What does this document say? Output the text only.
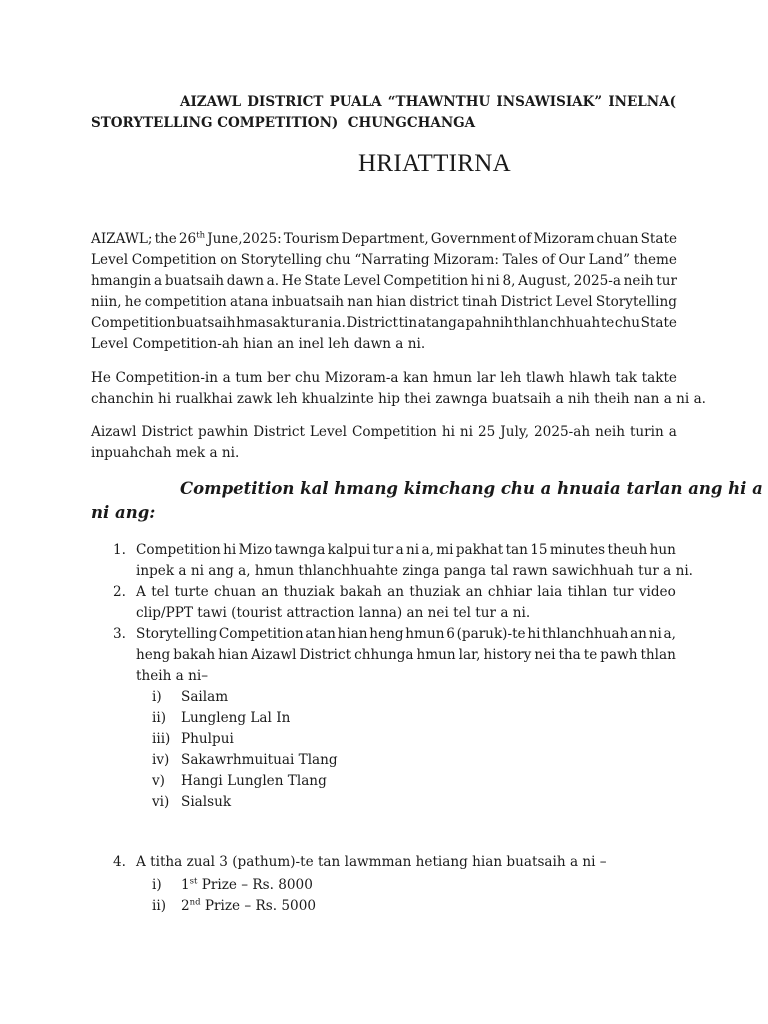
AIZAWL DISTRICT PUALA “THAWNTHU INSAWISIAK” INELNA(
STORYTELLING COMPETITION)  CHUNGCHANGA
HRIATTIRNA
AIZAWL; the 26th June,2025: Tourism Department, Government of Mizoram chuan State
Level Competition on Storytelling chu “Narrating Mizoram: Tales of Our Land” theme
hmangin a buatsaih dawn a. He State Level Competition hi ni 8, August, 2025-a neih tur
niin, he competition atana inbuatsaih nan hian district tinah District Level Storytelling
Competition buatsaih hmasak tur a ni a. District tin atanga pahnih thlan chhuah te chu State
Level Competition-ah hian an inel leh dawn a ni.
He Competition-in a tum ber chu Mizoram-a kan hmun lar leh tlawh hlawh tak takte
chanchin hi rualkhai zawk leh khualzinte hip thei zawnga buatsaih a nih theih nan a ni a.
Aizawl District pawhin District Level Competition hi ni 25 July, 2025-ah neih turin a
inpuahchah mek a ni.
Competition kal hmang kimchang chu a hnuaia tarlan ang hi a
ni ang:
1. Competition hi Mizo tawnga kalpui tur a ni a, mi pakhat tan 15 minutes theuh hun
inpek a ni ang a, hmun thlanchhuahte zinga panga tal rawn sawichhuah tur a ni.
2. A tel turte chuan an thuziak bakah an thuziak an chhiar laia tihlan tur video
clip/PPT tawi (tourist attraction lanna) an nei tel tur a ni.
3. Storytelling Competition atan hian heng hmun 6 (paruk)-te hi thlanchhuah an ni a,
heng bakah hian Aizawl District chhunga hmun lar, history nei tha te pawh thlan
theih a ni–
i) Sailam
ii) Lungleng Lal In
iii) Phulpui
iv) Sakawrhmuituai Tlang
v) Hangi Lunglen Tlang
vi) Sialsuk
4. A titha zual 3 (pathum)-te tan lawmman hetiang hian buatsaih a ni –
i) 1st Prize – Rs. 8000
ii) 2nd Prize – Rs. 5000
